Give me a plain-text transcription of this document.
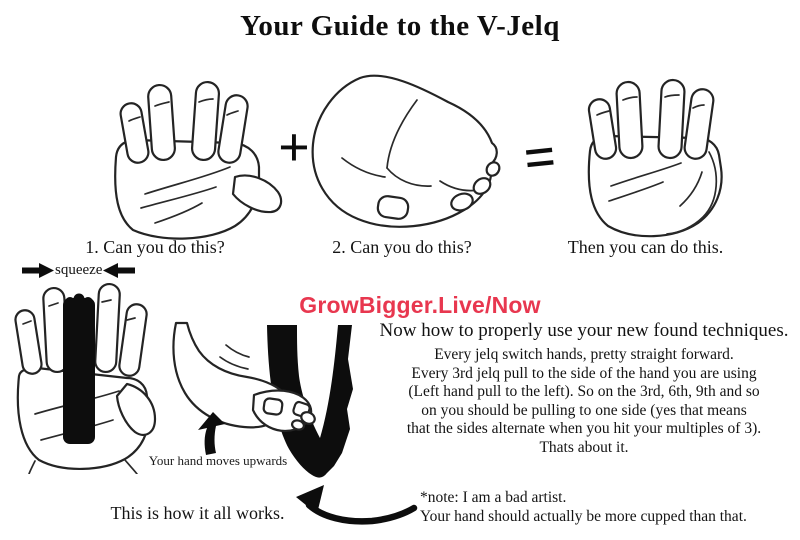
Your Guide to the V-Jelq
+	=
1. Can you do this?	2. Can you do this?	Then you can do this.
squeeze
GrowBigger.Live/Now
Your hand moves upwards
Now how to properly use your new found techniques.
Every jelq switch hands, pretty straight forward.
Every 3rd jelq pull to the side of the hand you are using
(Left hand pull to the left). So on the 3rd, 6th, 9th and so
on you should be pulling to one side (yes that means
that the sides alternate when you hit your multiples of 3).
Thats about it.
This is how it all works.
*note: I am a bad artist.
Your hand should actually be more cupped than that.
